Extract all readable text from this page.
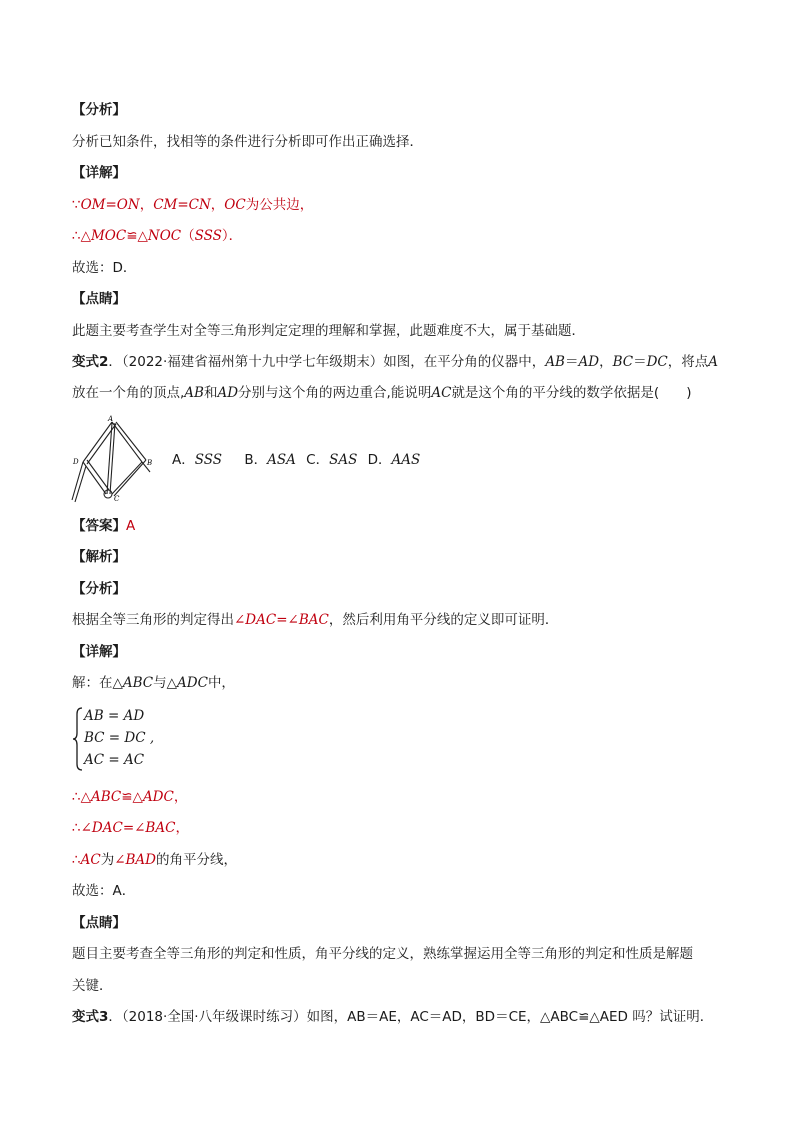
【分析】
分析已知条件，找相等的条件进行分析即可作出正确选择．
【详解】
∵OM=ON，CM=CN，OC为公共边，
∴△MOC≌△NOC（SSS）．
故选：D．
【点睛】
此题主要考查学生对全等三角形判定定理的理解和掌握，此题难度不大，属于基础题．
变式2．（2022·福建省福州第十九中学七年级期末）如图，在平分角的仪器中，AB＝AD，BC＝DC，将点A
放在一个角的顶点,AB和AD分别与这个角的两边重合,能说明AC就是这个角的平分线的数学依据是(　　)
A
B
C
D	A．SSS B．ASA C．SAS D．AAS
【答案】A
【解析】
【分析】
根据全等三角形的判定得出∠DAC=∠BAC，然后利用角平分线的定义即可证明．
【详解】
解：在△ABC与△ADC中，
AB = AD
BC = DC ,
AC = AC
∴△ABC≌△ADC，
∴∠DAC=∠BAC，
∴AC为∠BAD的角平分线，
故选：A．
【点睛】
题目主要考查全等三角形的判定和性质，角平分线的定义，熟练掌握运用全等三角形的判定和性质是解题
关键．
变式3．（2018·全国·八年级课时练习）如图，AB＝AE，AC＝AD，BD＝CE，△ABC≌△AED 吗？试证明．
